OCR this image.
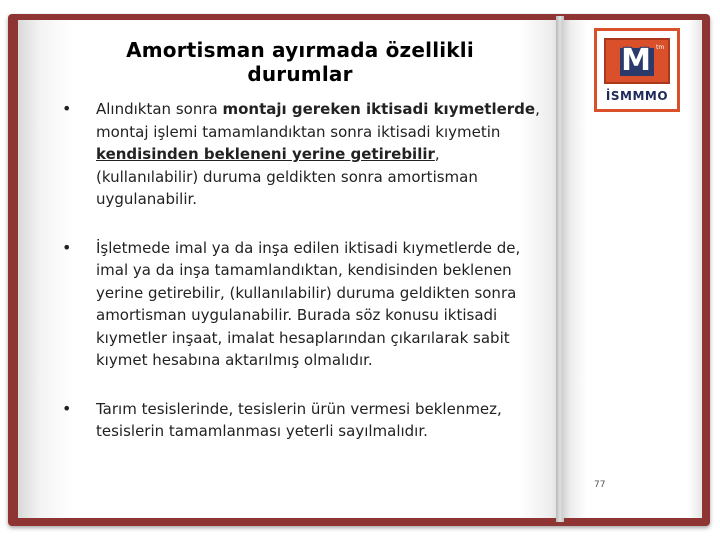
Amortisman ayırmada özellikli
durumlar
• Alındıktan sonra montajı gereken iktisadi kıymetlerde, montaj işlemi tamamlandıktan sonra iktisadi kıymetin kendisinden bekleneni yerine getirebilir, (kullanılabilir) duruma geldikten sonra amortisman uygulanabilir.
• İşletmede imal ya da inşa edilen iktisadi kıymetlerde de, imal ya da inşa tamamlandıktan, kendisinden beklenen yerine getirebilir, (kullanılabilir) duruma geldikten sonra amortisman uygulanabilir. Burada söz konusu iktisadi kıymetler inşaat, imalat hesaplarından çıkarılarak sabit kıymet hesabına aktarılmış olmalıdır.
• Tarım tesislerinde, tesislerin ürün vermesi beklenmez, tesislerin tamamlanması yeterli sayılmalıdır.
M tm
İSMMMO
77
